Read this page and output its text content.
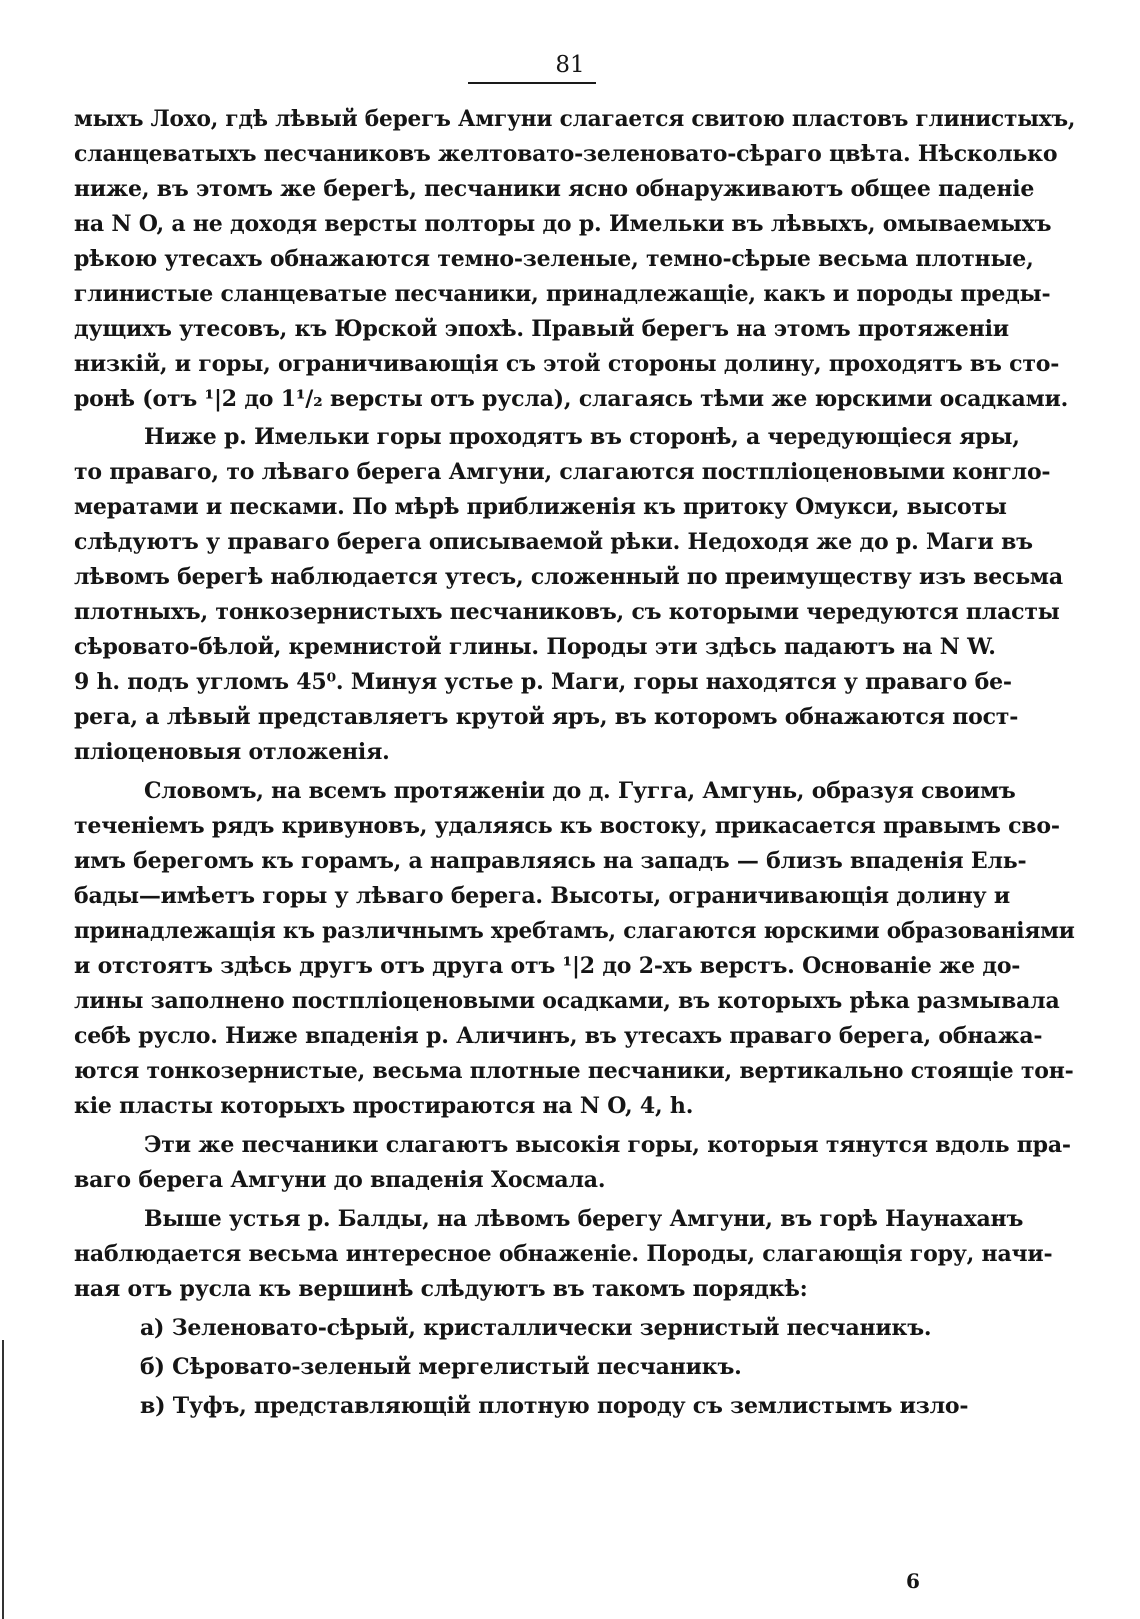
81
мыхъ Лохо, гдѣ лѣвый берегъ Амгуни слагается свитою пластовъ глинистыхъ,
сланцеватыхъ песчаниковъ желтовато-зеленовато-сѣраго цвѣта. Нѣсколько
ниже, въ этомъ же берегѣ, песчаники ясно обнаруживаютъ общее паденіе
на N O, а не доходя версты полторы до р. Имельки въ лѣвыхъ, омываемыхъ
рѣкою утесахъ обнажаются темно-зеленые, темно-сѣрые весьма плотные,
глинистые сланцеватые песчаники, принадлежащіе, какъ и породы преды-
дущихъ утесовъ, къ Юрской эпохѣ. Правый берегъ на этомъ протяженіи
низкій, и горы, ограничивающія съ этой стороны долину, проходятъ въ сто-
ронѣ (отъ ¹|2 до 1¹/₂ версты отъ русла), слагаясь тѣми же юрскими осадками.
Ниже р. Имельки горы проходятъ въ сторонѣ, а чередующіеся яры,
то праваго, то лѣваго берега Амгуни, слагаются постпліоценовыми конгло-
мератами и песками. По мѣрѣ приближенія къ притоку Омукси, высоты
слѣдуютъ у праваго берега описываемой рѣки. Недоходя же до р. Маги въ
лѣвомъ берегѣ наблюдается утесъ, сложенный по преимуществу изъ весьма
плотныхъ, тонкозернистыхъ песчаниковъ, съ которыми чередуются пласты
сѣровато-бѣлой, кремнистой глины. Породы эти здѣсь падаютъ на N W.
9 h. подъ угломъ 45⁰. Минуя устье р. Маги, горы находятся у праваго бе-
рега, а лѣвый представляетъ крутой яръ, въ которомъ обнажаются пост-
пліоценовыя отложенія.
Словомъ, на всемъ протяженіи до д. Гугга, Амгунь, образуя своимъ
теченіемъ рядъ кривуновъ, удаляясь къ востоку, прикасается правымъ сво-
имъ берегомъ къ горамъ, а направляясь на западъ — близъ впаденія Ель-
бады—имѣетъ горы у лѣваго берега. Высоты, ограничивающія долину и
принадлежащія къ различнымъ хребтамъ, слагаются юрскими образованіями
и отстоятъ здѣсь другъ отъ друга отъ ¹|2 до 2-хъ верстъ. Основаніе же до-
лины заполнено постпліоценовыми осадками, въ которыхъ рѣка размывала
себѣ русло. Ниже впаденія р. Аличинъ, въ утесахъ праваго берега, обнажа-
ются тонкозернистые, весьма плотные песчаники, вертикально стоящіе тон-
кіе пласты которыхъ простираются на N O, 4, h.
Эти же песчаники слагаютъ высокія горы, которыя тянутся вдоль пра-
ваго берега Амгуни до впаденія Хосмала.
Выше устья р. Балды, на лѣвомъ берегу Амгуни, въ горѣ Наунаханъ
наблюдается весьма интересное обнаженіе. Породы, слагающія гору, начи-
ная отъ русла къ вершинѣ слѣдуютъ въ такомъ порядкѣ:
а) Зеленовато-сѣрый, кристаллически зернистый песчаникъ.
б) Сѣровато-зеленый мергелистый песчаникъ.
в) Туфъ, представляющій плотную породу съ землистымъ изло-
6
